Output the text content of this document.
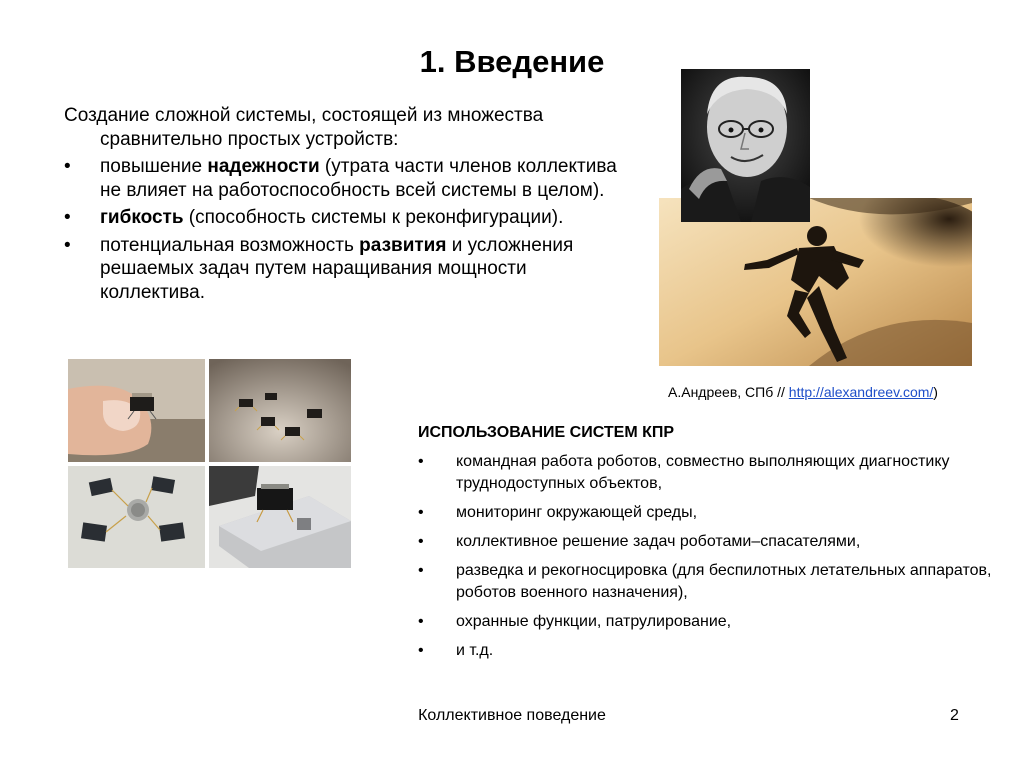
1. Введение
Создание сложной системы, состоящей из множества сравнительно простых устройств:
• повышение надежности (утрата части членов коллектива не влияет на работоспособность всей системы в целом).
• гибкость (способность системы к реконфигурации).
• потенциальная возможность развития и усложнения решаемых задач путем наращивания мощности коллектива.
А.Андреев, СПб // http://alexandreev.com/)
ИСПОЛЬЗОВАНИЕ СИСТЕМ КПР
• командная работа роботов, совместно выполняющих диагностику труднодоступных объектов,
• мониторинг окружающей среды,
• коллективное решение задач роботами–спасателями,
• разведка и рекогносцировка (для беспилотных летательных аппаратов, роботов военного назначения),
• охранные функции, патрулирование,
• и т.д.
Коллективное поведение	2
